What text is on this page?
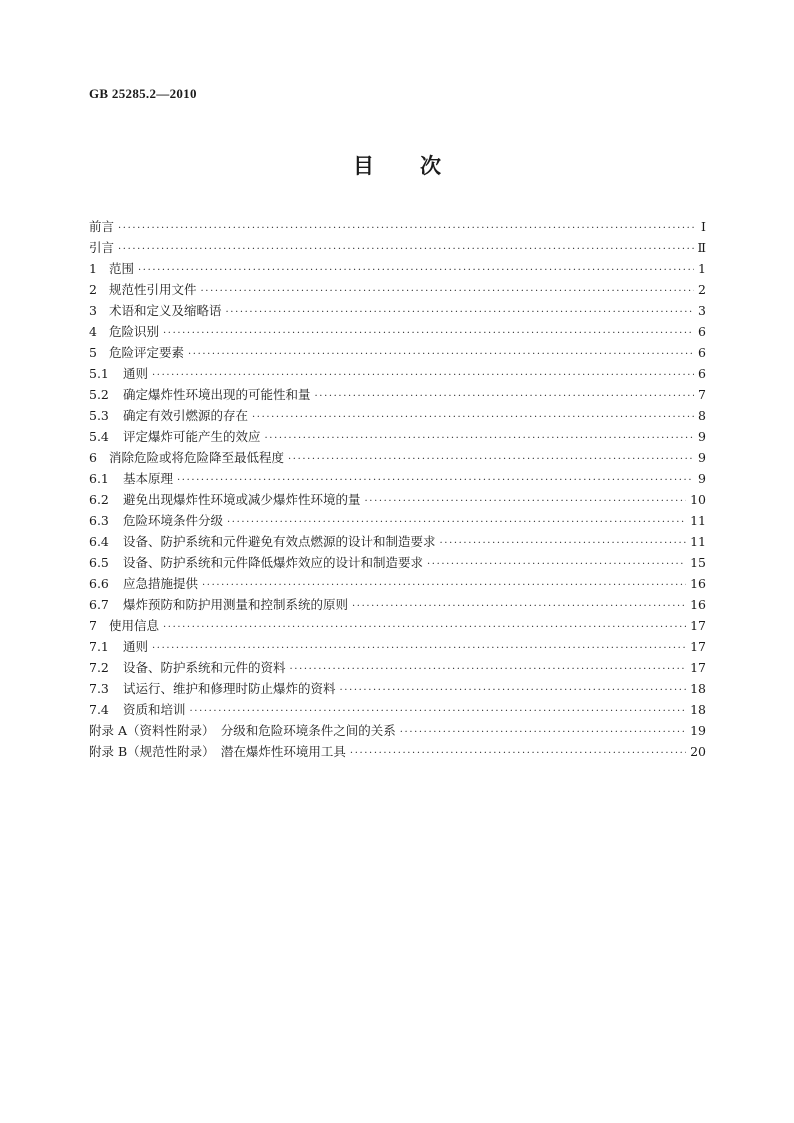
GB 25285.2—2010
目 次
前言 ·····	Ⅰ
引言 ·····	Ⅱ
1 范围 ·····	1
2 规范性引用文件 ·····	2
3 术语和定义及缩略语 ·····	3
4 危险识别 ·····	6
5 危险评定要素 ·····	6
5.1	通则 ·····	6
5.2	确定爆炸性环境出现的可能性和量 ·····	7
5.3	确定有效引燃源的存在 ·····	8
5.4	评定爆炸可能产生的效应 ·····	9
6 消除危险或将危险降至最低程度 ·····	9
6.1	基本原理 ·····	9
6.2	避免出现爆炸性环境或减少爆炸性环境的量 ·····	10
6.3	危险环境条件分级 ·····	11
6.4	设备、防护系统和元件避免有效点燃源的设计和制造要求 ·····	11
6.5	设备、防护系统和元件降低爆炸效应的设计和制造要求 ·····	15
6.6	应急措施提供 ·····	16
6.7	爆炸预防和防护用测量和控制系统的原则 ·····	16
7 使用信息 ·····	17
7.1	通则 ·····	17
7.2	设备、防护系统和元件的资料 ·····	17
7.3	试运行、维护和修理时防止爆炸的资料 ·····	18
7.4	资质和培训 ·····	18
附录 A（资料性附录）　分级和危险环境条件之间的关系 ·····	19
附录 B（规范性附录）　潜在爆炸性环境用工具 ·····	20
